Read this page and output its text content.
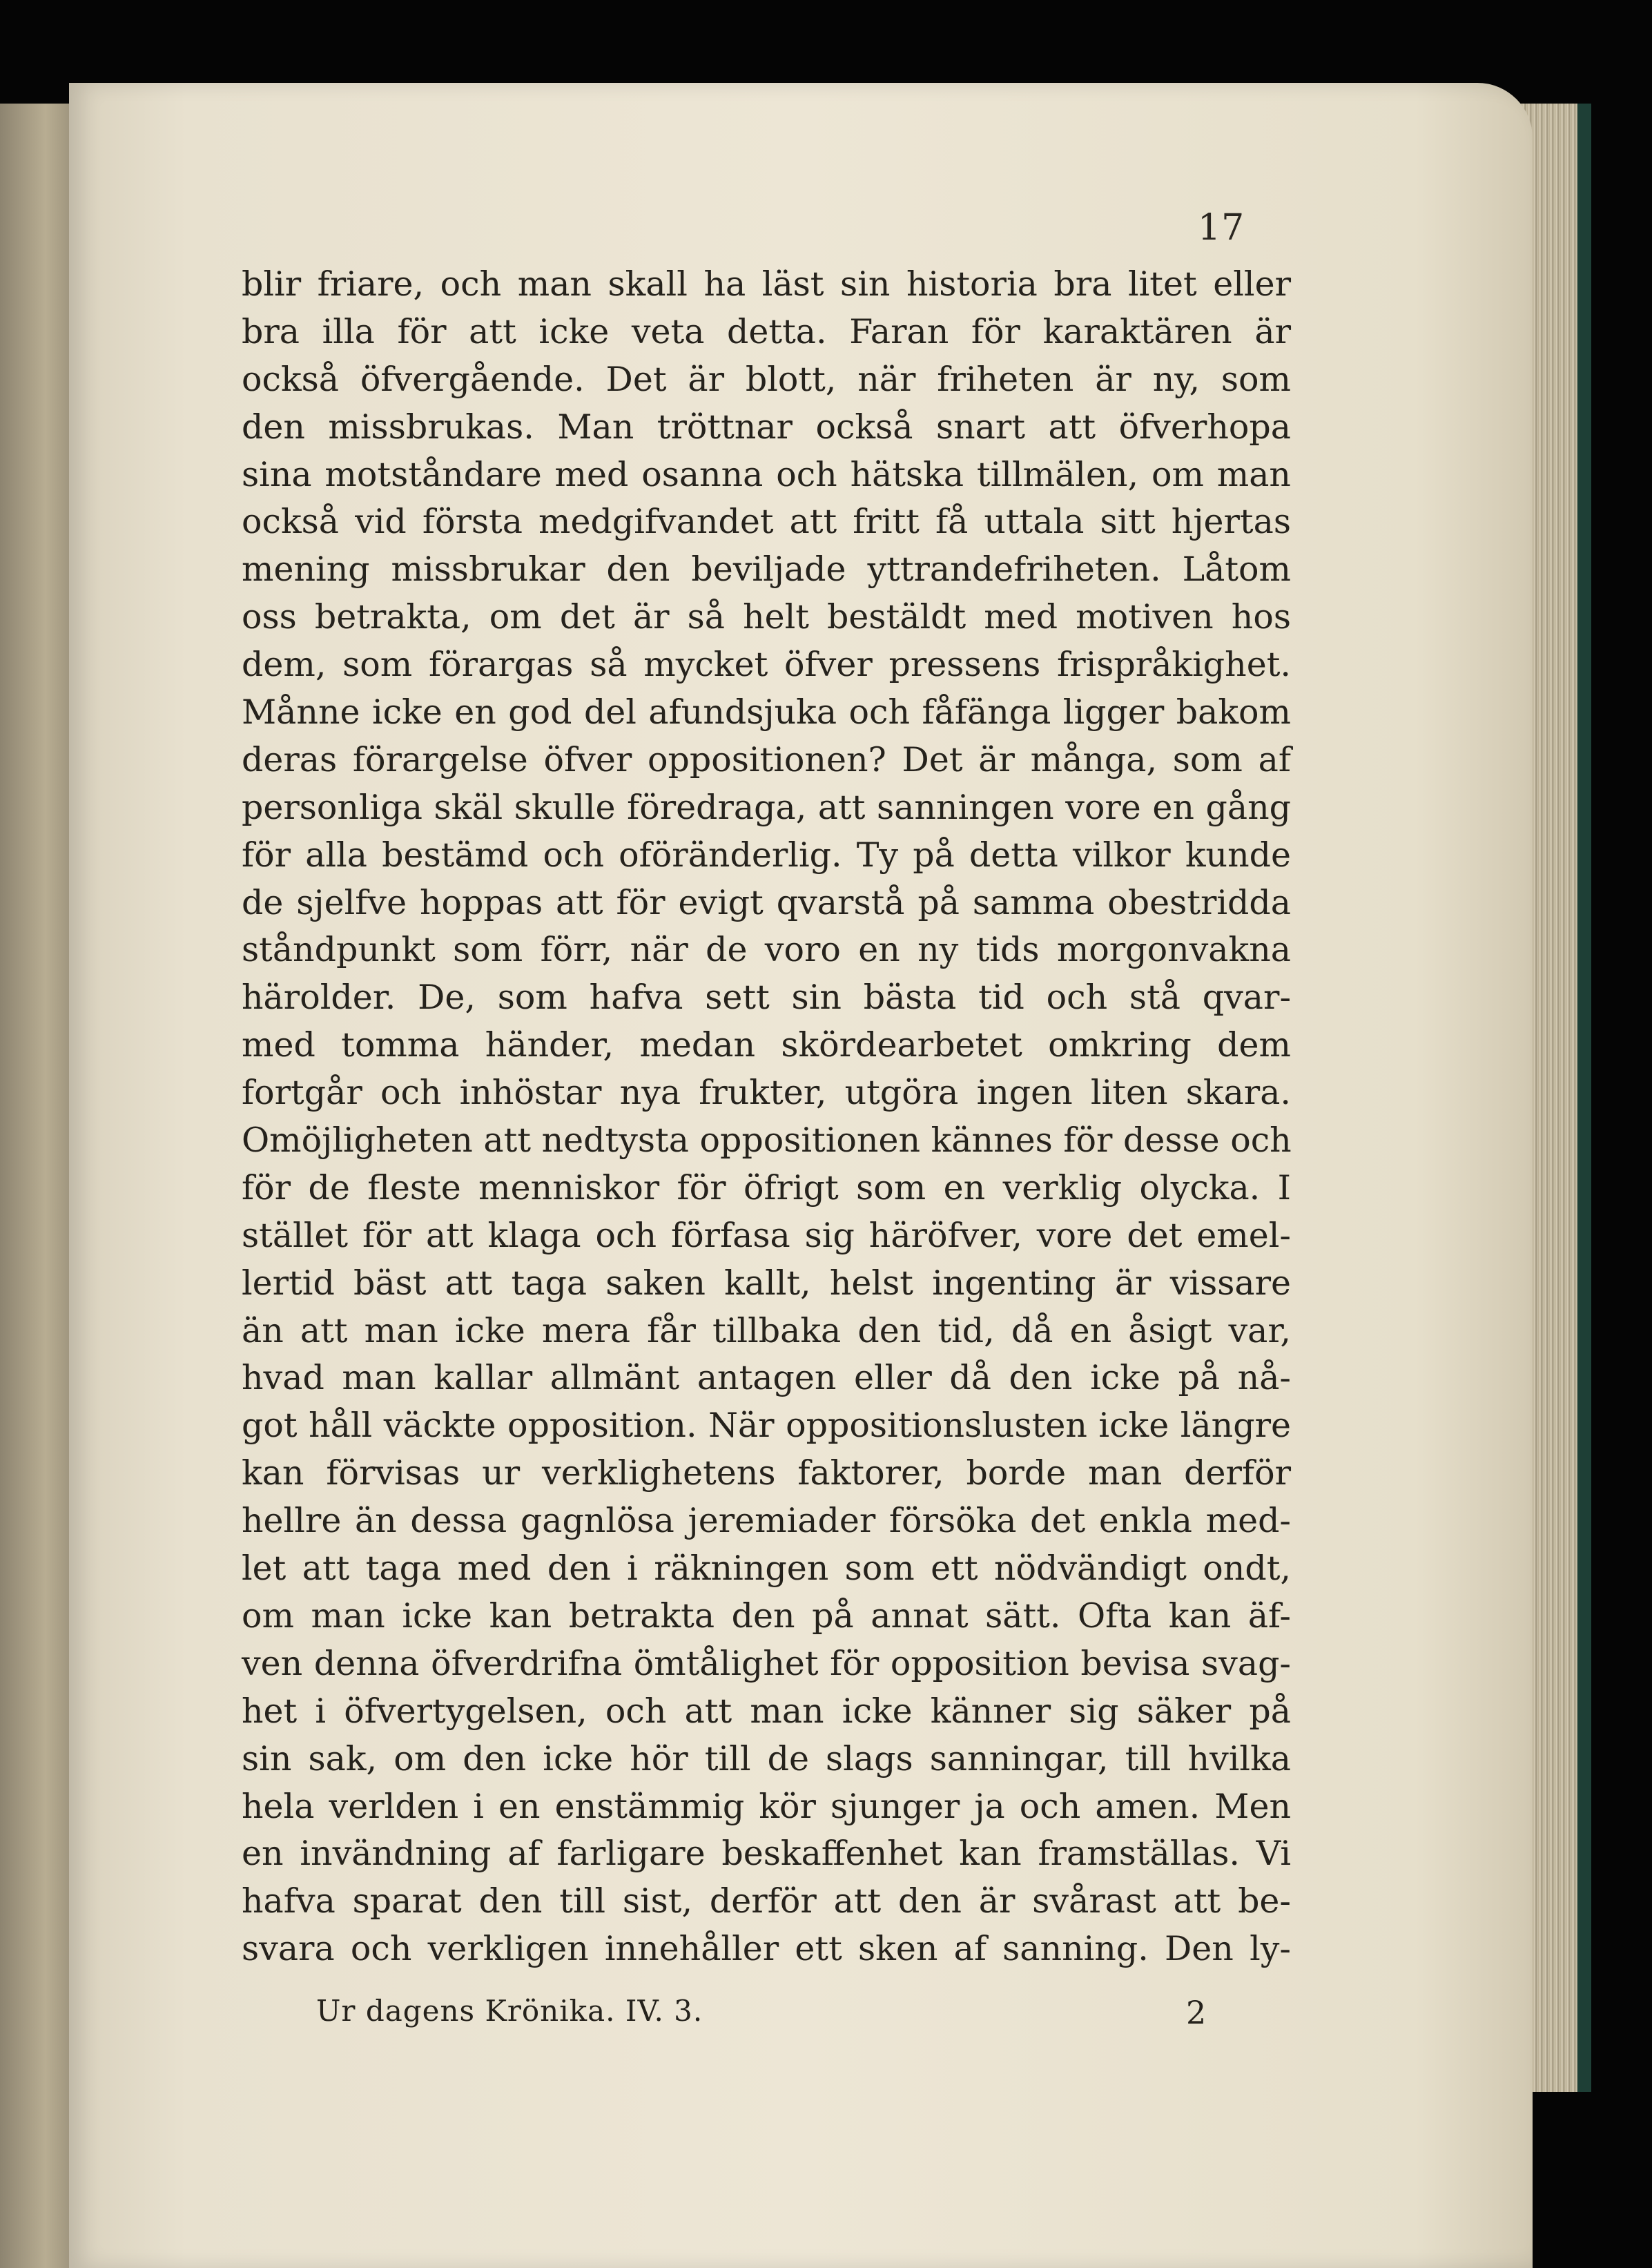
17
blir friare, och man skall ha läst sin historia bra litet eller
bra illa för att icke veta detta. Faran för karaktären är
också öfvergående. Det är blott, när friheten är ny, som
den missbrukas. Man tröttnar också snart att öfverhopa
sina motståndare med osanna och hätska tillmälen, om man
också vid första medgifvandet att fritt få uttala sitt hjertas
mening missbrukar den beviljade yttrandefriheten. Låtom
oss betrakta, om det är så helt bestäldt med motiven hos
dem, som förargas så mycket öfver pressens frispråkighet.
Månne icke en god del afundsjuka och fåfänga ligger bakom
deras förargelse öfver oppositionen? Det är många, som af
personliga skäl skulle föredraga, att sanningen vore en gång
för alla bestämd och oföränderlig. Ty på detta vilkor kunde
de sjelfve hoppas att för evigt qvarstå på samma obestridda
ståndpunkt som förr, när de voro en ny tids morgonvakna
härolder. De, som hafva sett sin bästa tid och stå qvar-
med tomma händer, medan skördearbetet omkring dem
fortgår och inhöstar nya frukter, utgöra ingen liten skara.
Omöjligheten att nedtysta oppositionen kännes för desse och
för de fleste menniskor för öfrigt som en verklig olycka. I
stället för att klaga och förfasa sig häröfver, vore det emel-
lertid bäst att taga saken kallt, helst ingenting är vissare
än att man icke mera får tillbaka den tid, då en åsigt var,
hvad man kallar allmänt antagen eller då den icke på nå-
got håll väckte opposition. När oppositionslusten icke längre
kan förvisas ur verklighetens faktorer, borde man derför
hellre än dessa gagnlösa jeremiader försöka det enkla med-
let att taga med den i räkningen som ett nödvändigt ondt,
om man icke kan betrakta den på annat sätt. Ofta kan äf-
ven denna öfverdrifna ömtålighet för opposition bevisa svag-
het i öfvertygelsen, och att man icke känner sig säker på
sin sak, om den icke hör till de slags sanningar, till hvilka
hela verlden i en enstämmig kör sjunger ja och amen. Men
en invändning af farligare beskaffenhet kan framställas. Vi
hafva sparat den till sist, derför att den är svårast att be-
svara och verkligen innehåller ett sken af sanning. Den ly-
Ur dagens Krönika. IV. 3.	2
